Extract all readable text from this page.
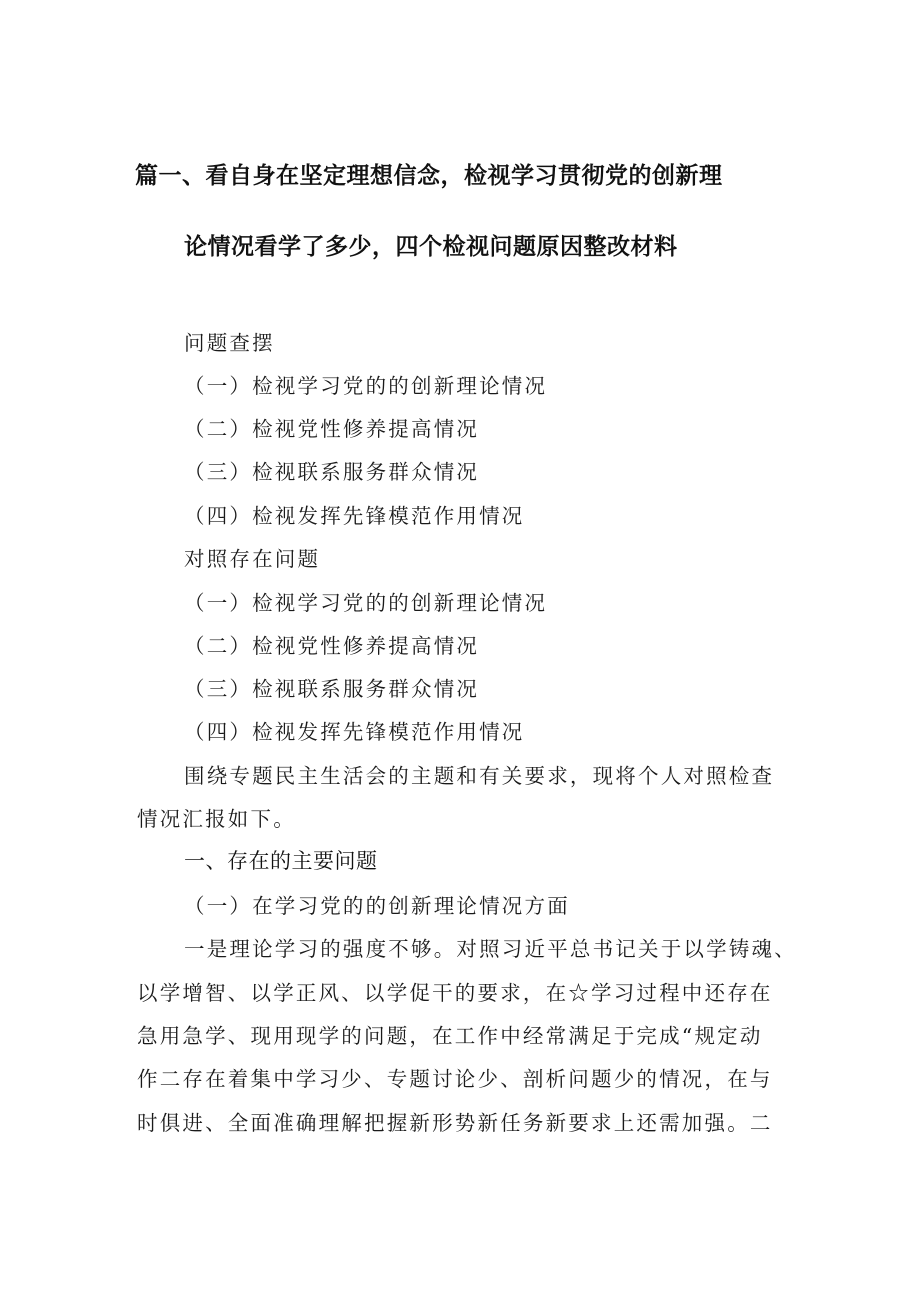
篇一、看自身在坚定理想信念，检视学习贯彻党的创新理
论情况看学了多少，四个检视问题原因整改材料
问题查摆
（一）检视学习党的的创新理论情况
（二）检视党性修养提高情况
（三）检视联系服务群众情况
（四）检视发挥先锋模范作用情况
对照存在问题
（一）检视学习党的的创新理论情况
（二）检视党性修养提高情况
（三）检视联系服务群众情况
（四）检视发挥先锋模范作用情况
围绕专题民主生活会的主题和有关要求，现将个人对照检查
情况汇报如下。
一、存在的主要问题
（一）在学习党的的创新理论情况方面
一是理论学习的强度不够。对照习近平总书记关于以学铸魂、
以学增智、以学正风、以学促干的要求，在☆学习过程中还存在
急用急学、现用现学的问题，在工作中经常满足于完成“规定动
作二存在着集中学习少、专题讨论少、剖析问题少的情况，在与
时俱进、全面准确理解把握新形势新任务新要求上还需加强。二
